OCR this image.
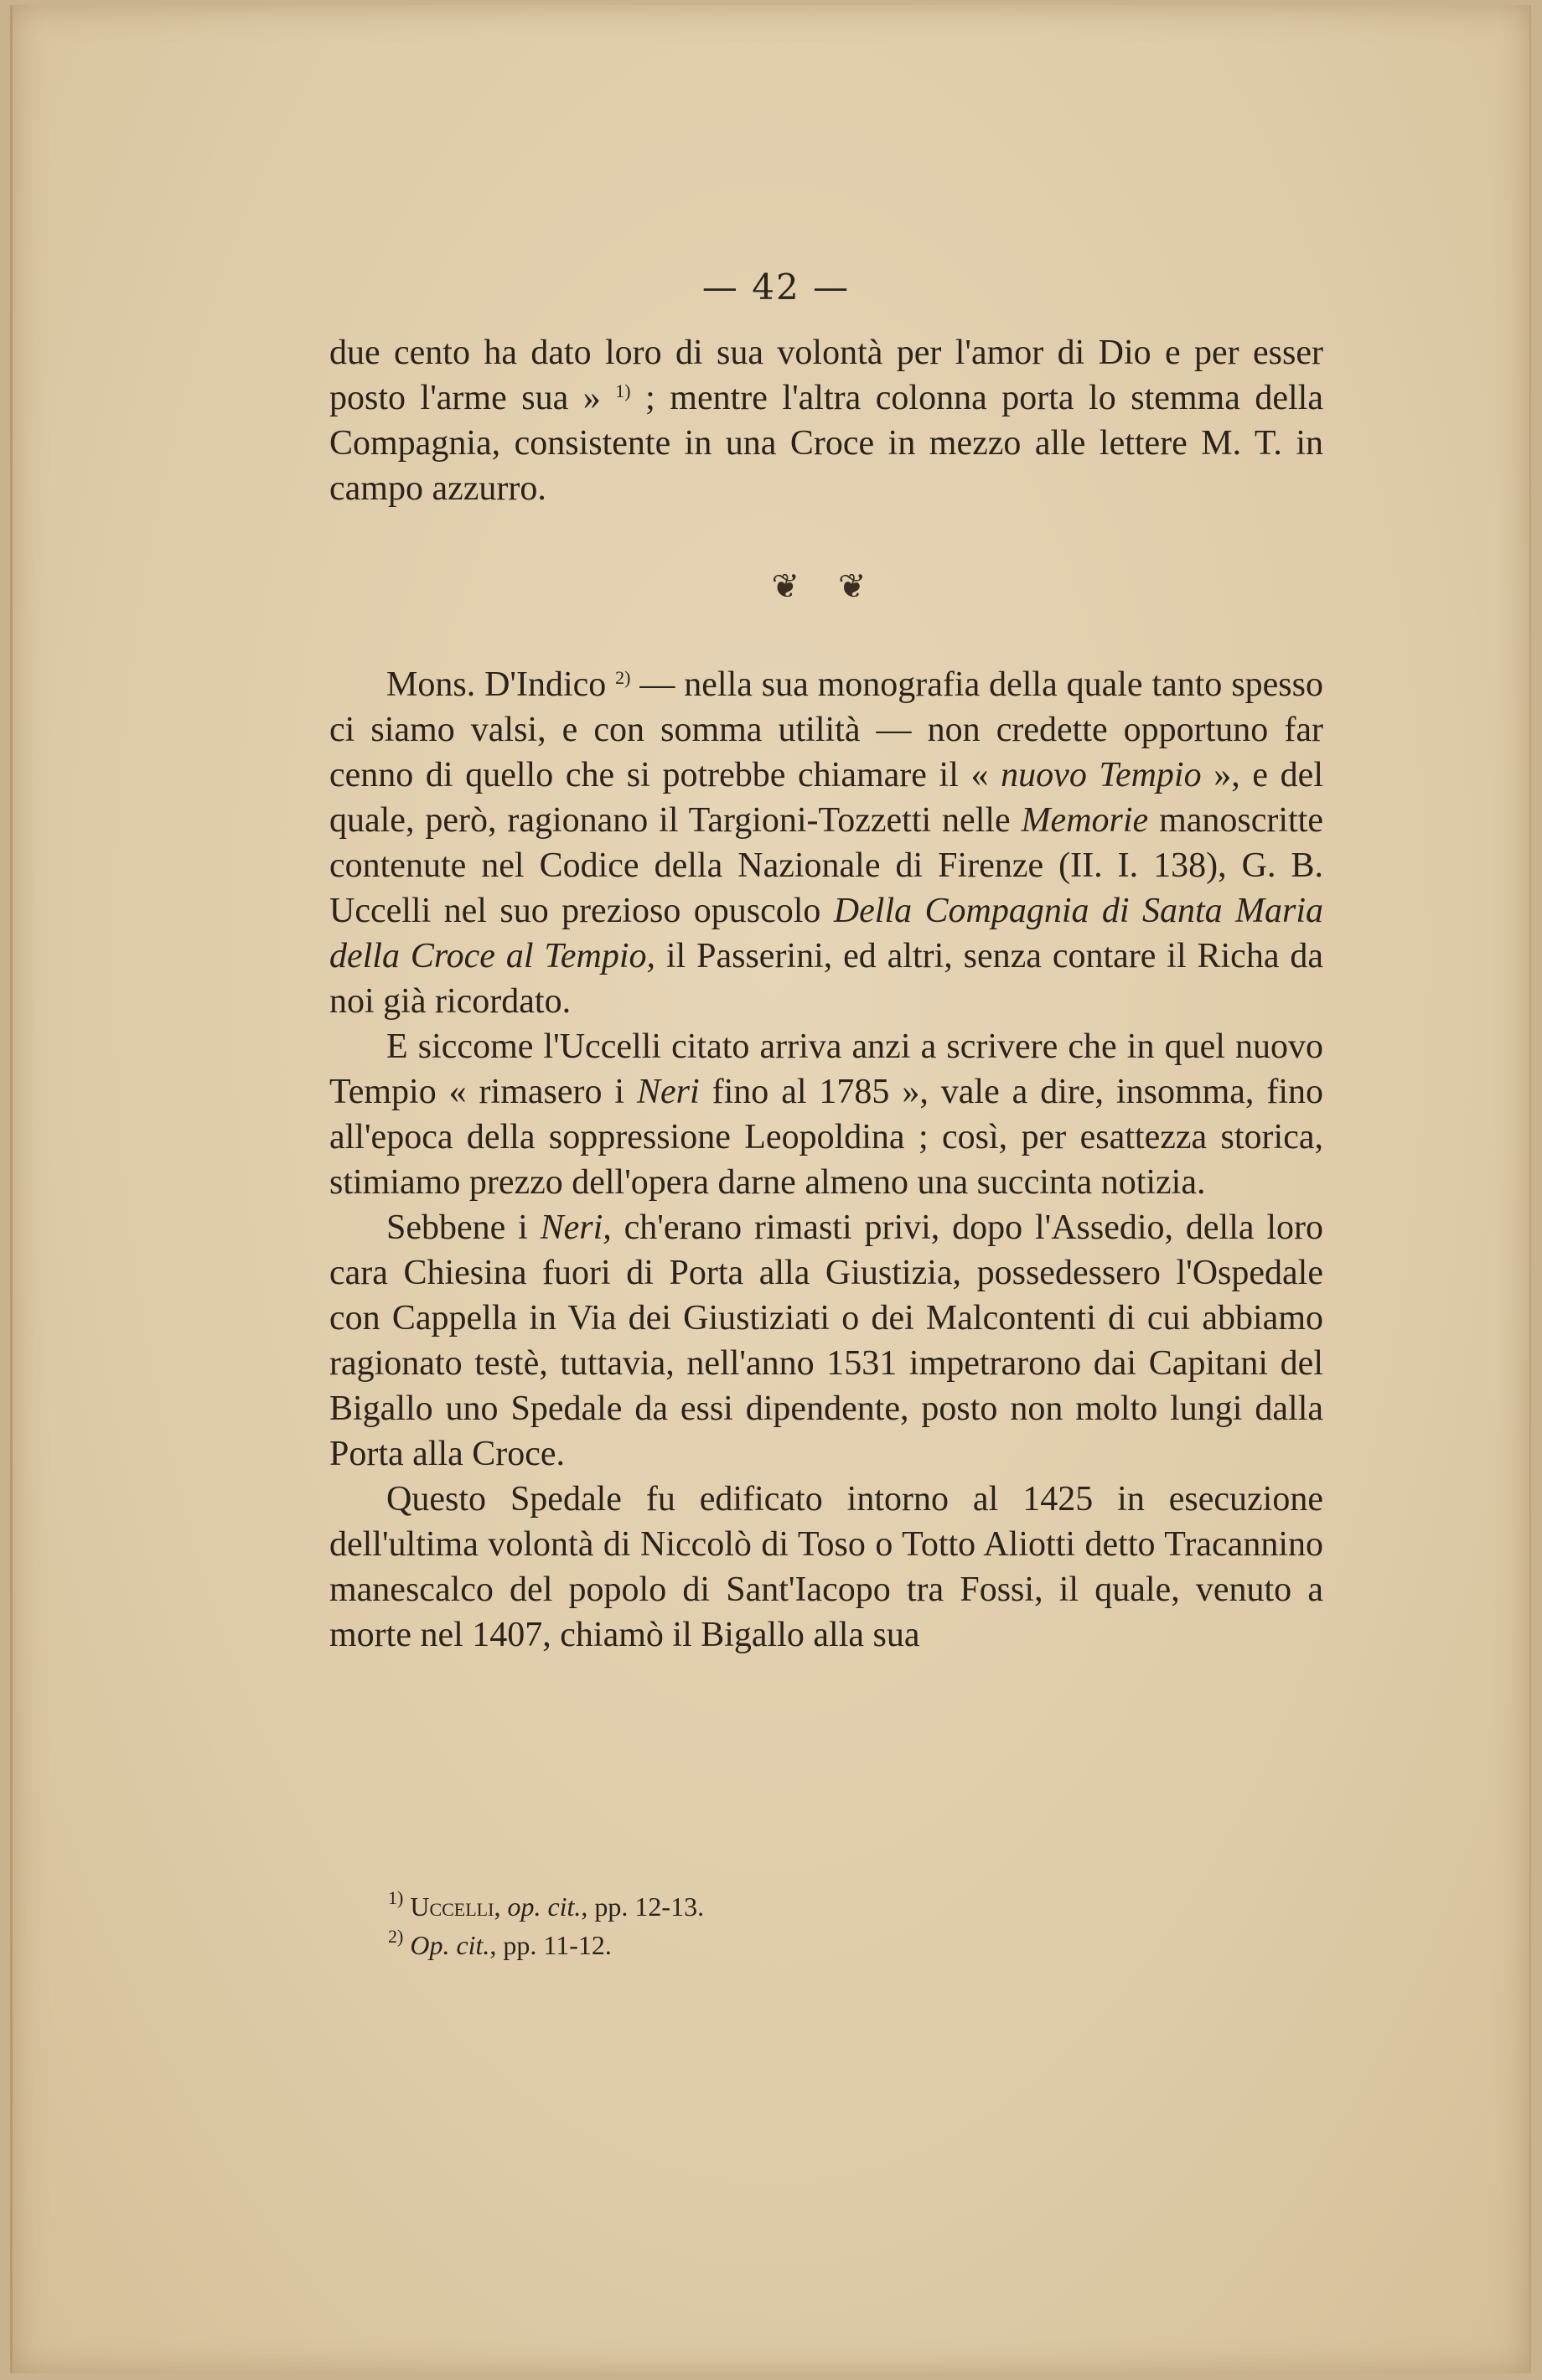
— 42 —

due cento ha dato loro di sua volontà per l'amor di Dio e per esser posto l'arme sua » $^{1)}$ ; mentre l'altra colonna porta lo stemma della Compagnia, consistente in una Croce in mezzo alle lettere M. T. in campo azzurro.

❦ ❦

Mons. D'Indico $^{2)}$ — nella sua monografia della quale tanto spesso ci siamo valsi, e con somma utilità — non credette opportuno far cenno di quello che si potrebbe chiamare il « nuovo Tempio », e del quale, però, ragionano il Targioni-Tozzetti nelle Memorie manoscritte contenute nel Codice della Nazionale di Firenze (II. I. 138), G. B. Uccelli nel suo prezioso opuscolo Della Compagnia di Santa Maria della Croce al Tempio, il Passerini, ed altri, senza contare il Richa da noi già ricordato.

E siccome l'Uccelli citato arriva anzi a scrivere che in quel nuovo Tempio « rimasero i Neri fino al 1785 », vale a dire, insomma, fino all'epoca della soppressione Leopoldina ; così, per esattezza storica, stimiamo prezzo dell'opera darne almeno una succinta notizia.

Sebbene i Neri, ch'erano rimasti privi, dopo l'Assedio, della loro cara Chiesina fuori di Porta alla Giustizia, possedessero l'Ospedale con Cappella in Via dei Giustiziati o dei Malcontenti di cui abbiamo ragionato testè, tuttavia, nell'anno 1531 impetrarono dai Capitani del Bigallo uno Spedale da essi dipendente, posto non molto lungi dalla Porta alla Croce.

Questo Spedale fu edificato intorno al 1425 in esecuzione dell'ultima volontà di Niccolò di Toso o Totto Aliotti detto Tracannino manescalco del popolo di Sant'Iacopo tra Fossi, il quale, venuto a morte nel 1407, chiamò il Bigallo alla sua

$^{1)}$ Uccelli, op. cit., pp. 12-13.
$^{2)}$ Op. cit., pp. 11-12.
